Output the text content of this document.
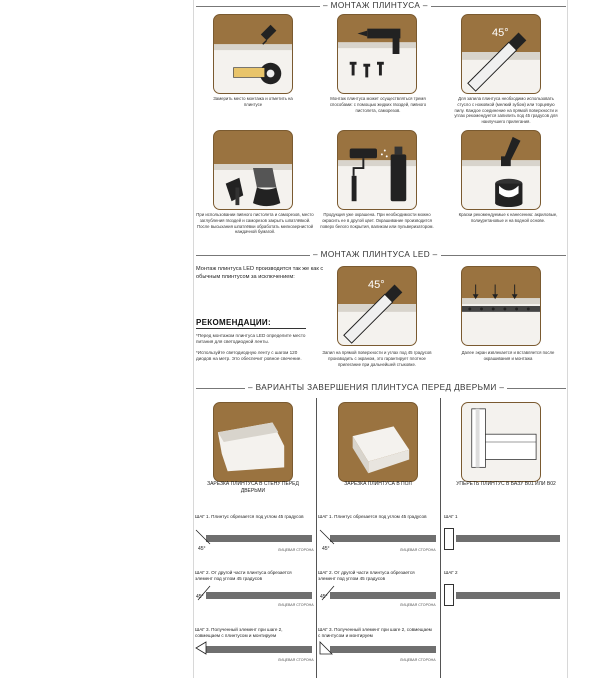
– МОНТАЖ ПЛИНТУСА –
Замерить место монтажа и отметить на плинтусе
Монтаж плинтуса может осуществляться тремя способами: с помощью жидких гвоздей, пивного пистолета, саморезов.
45°
Для запила плинтуса необходимо использовать стусло с ножовкой (мелкий зубом) или торцевую пилу. Каждое соединение на прямой поверхности и углах рекомендуется запилить под 45 градусов для наилучшего прилегания.
При использовании пивного пистолета и саморезов, место заглубления гвоздей и саморезов закрыть шпатлёвкой. После высыхания шпатлёвки обработать мелкозернистой наждачной бумагой.
Продукция уже окрашена. При необходимости можно окрасить ее в другой цвет. Окрашивание производится поверх белого покрытия, валиком или пульверизатором.
Краски рекомендуемые к нанесению: акриловые, полиуретановые и на водной основе.
– МОНТАЖ ПЛИНТУСА LED –
Монтаж плинтуса LED производится так же как с обычным плинтусом за исключением:
РЕКОМЕНДАЦИИ:
*Перед монтажом плинтуса LED определите место питания для светодиодной ленты.
*Используйте светодиодную ленту с шагом 120 диодов на метр. Это обеспечит ровное свечение.
45°
Запил на прямой поверхности и углах под 45 градусов производить с экраном, это гарантирует плотное прилегание при дальнейшей стыковке.
Далее экран извлекается и вставляется после окрашивания и монтажа
– ВАРИАНТЫ ЗАВЕРШЕНИЯ ПЛИНТУСА ПЕРЕД ДВЕРЬМИ –
ЗАРЕЗКА ПЛИНТУСА В СТЕНУ ПЕРЕД ДВЕРЬМИ
ШАГ 1. Плинтус обрезается под углом 45 градусов
45°	ЛИЦЕВАЯ СТОРОНА
ШАГ 2. От другой части плинтуса обрезается элемент под углом 45 градусов
45°
ЛИЦЕВАЯ СТОРОНА
ШАГ 3. Полученный элемент при шаге 2, совмещаем с плинтусом и монтируем
ЛИЦЕВАЯ СТОРОНА
ЗАРЕЗКА ПЛИНТУСА В ПОЛ
ШАГ 1. Плинтус обрезается под углом 45 градусов
45°	ЛИЦЕВАЯ СТОРОНА
ШАГ 2. От другой части плинтуса обрезается элемент под углом 45 градусов
45°
ЛИЦЕВАЯ СТОРОНА
ШАГ 3. Полученный элемент при шаге 2, совмещаем с плинтусом и монтируем
ЛИЦЕВАЯ СТОРОНА
УПЕРЕТЬ ПЛИНТУС В БАЗУ B01 ИЛИ B02
ШАГ 1
ШАГ 2
